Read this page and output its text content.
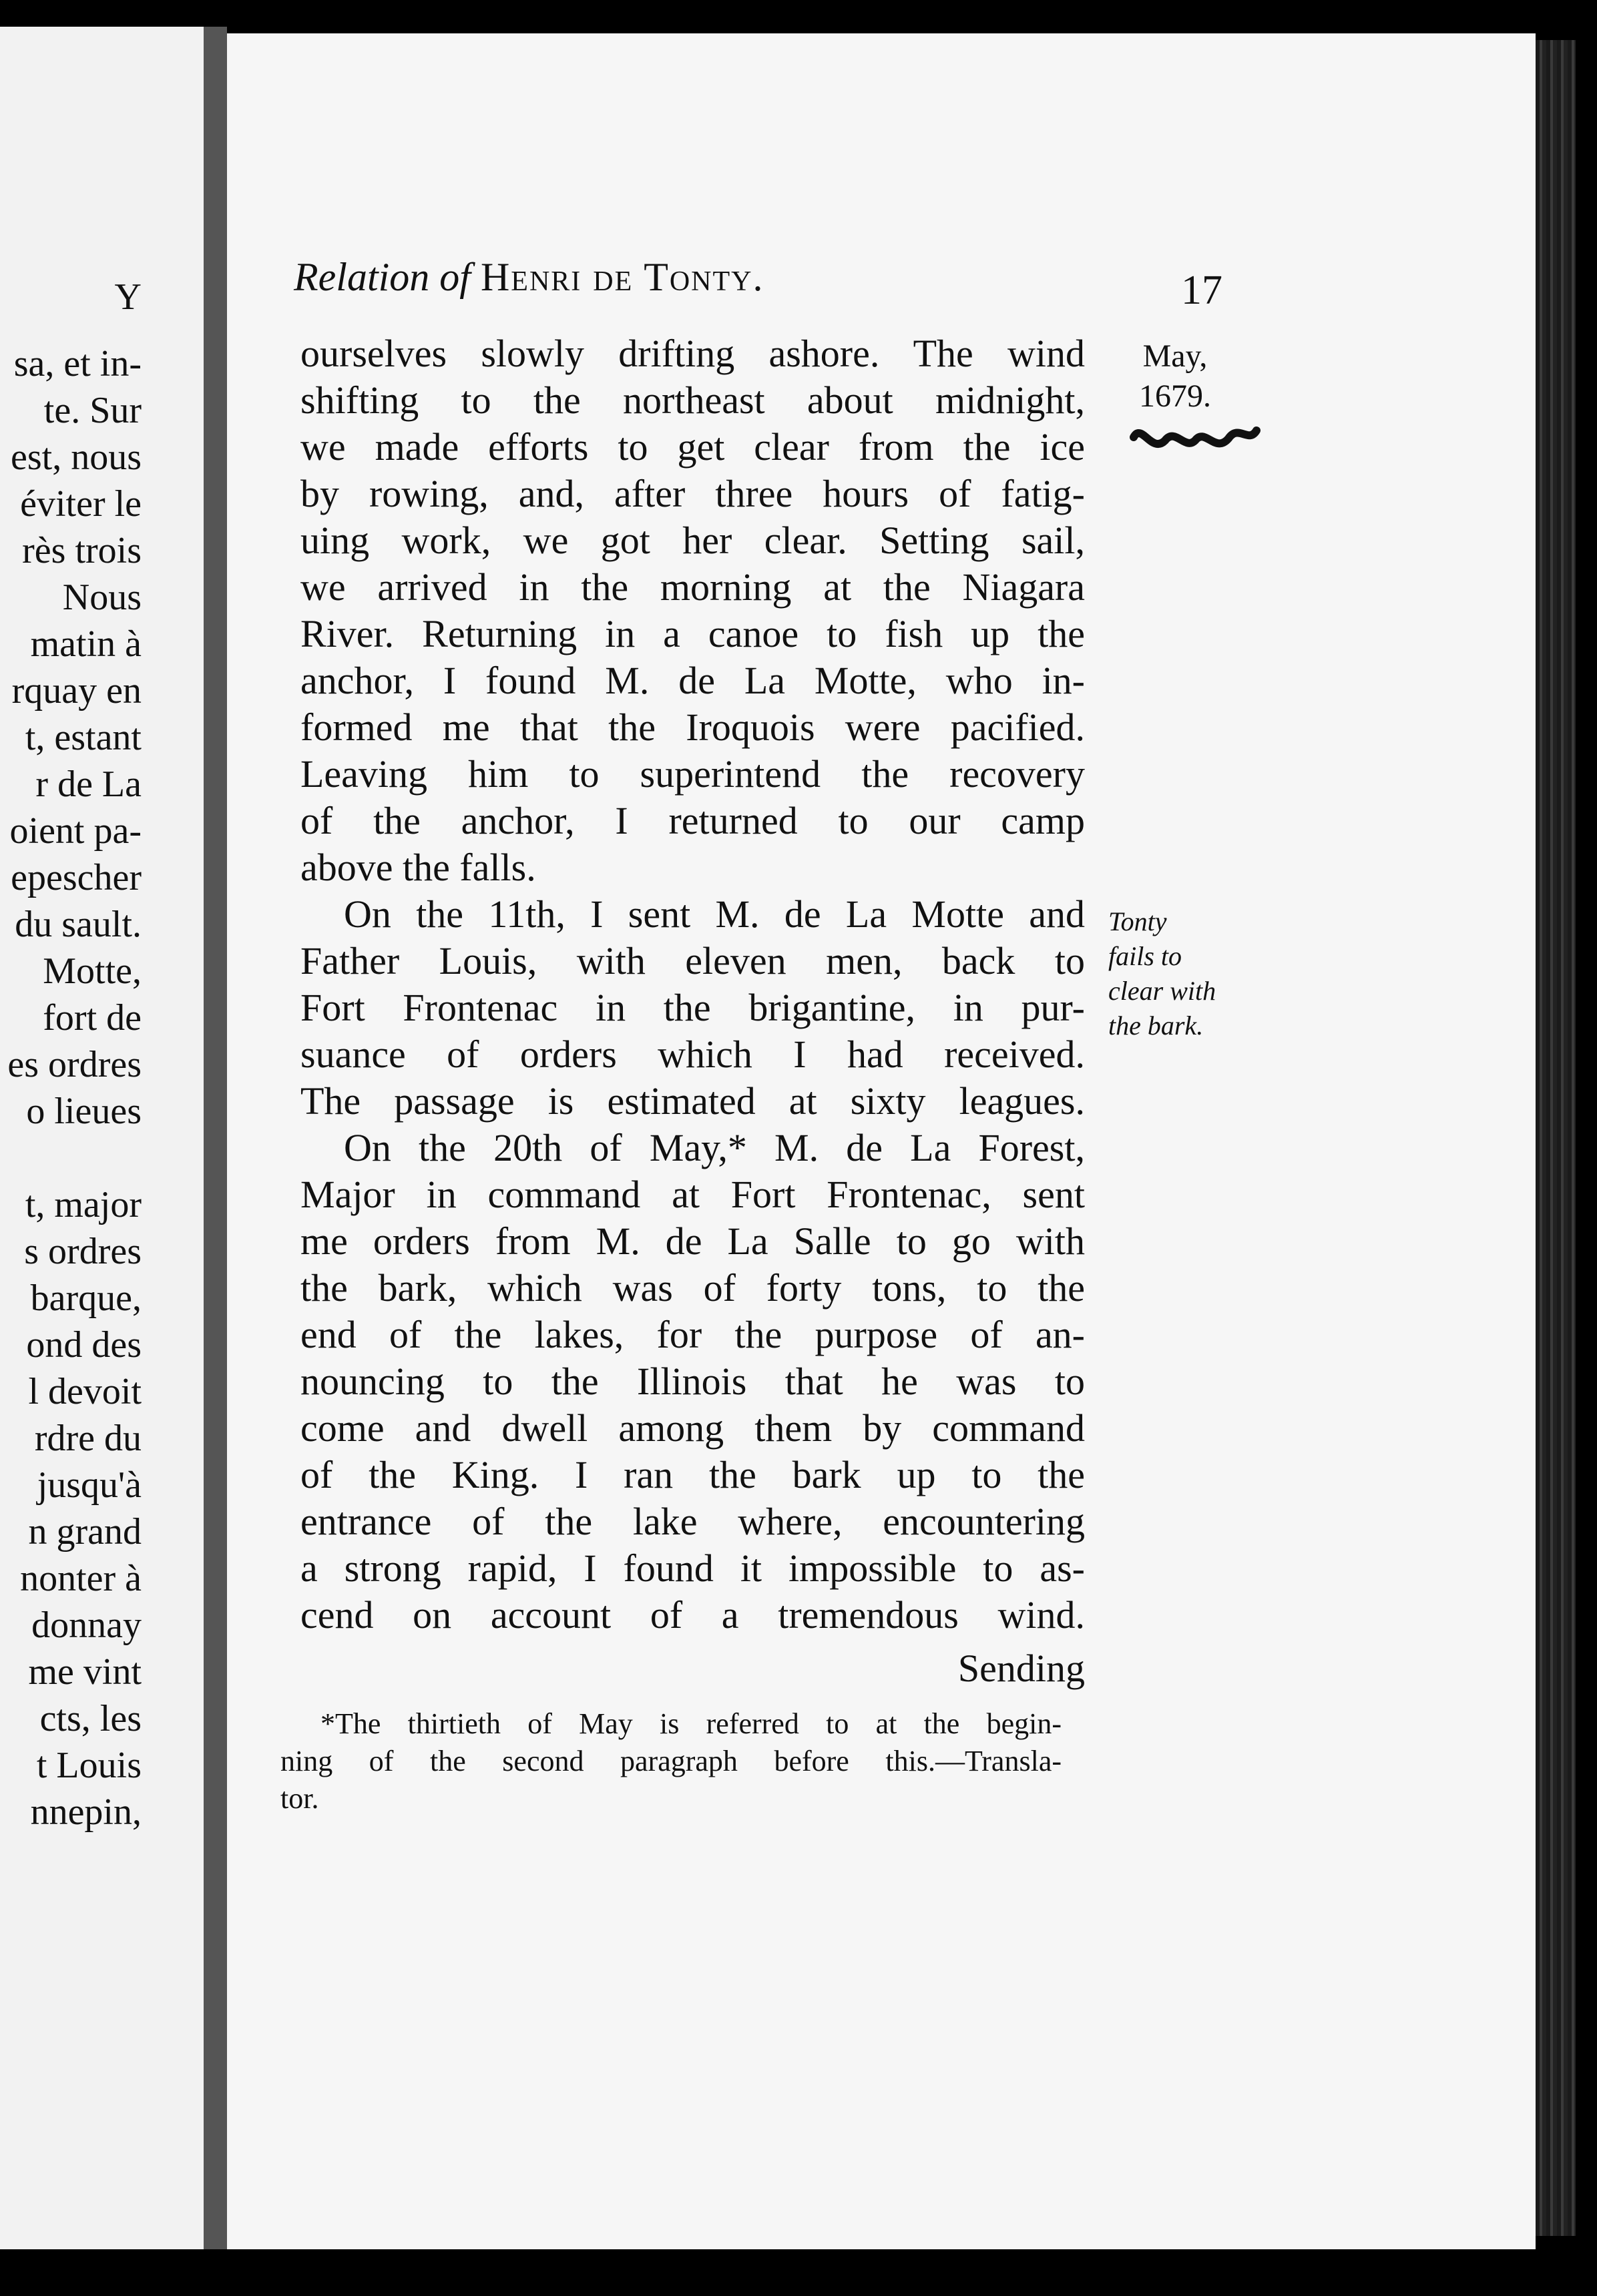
Y
sa, et in-
te. Sur
est, nous
éviter le
rès trois
Nous
matin à
rquay en
t, estant
r de La
oient pa-
epescher
du sault.
Motte,
fort de
es ordres
o lieues
t, major
s ordres
barque,
ond des
l devoit
rdre du
jusqu'à
n grand
nonter à
donnay
me vint
cts, les
t Louis
nnepin,
Relation of Henri de Tonty.	17
May,
1679.
Tonty
fails to
clear with
the bark.
ourselves slowly drifting ashore. The wind
shifting to the northeast about midnight,
we made efforts to get clear from the ice
by rowing, and, after three hours of fatig-
uing work, we got her clear. Setting sail,
we arrived in the morning at the Niagara
River. Returning in a canoe to fish up the
anchor, I found M. de La Motte, who in-
formed me that the Iroquois were pacified.
Leaving him to superintend the recovery
of the anchor, I returned to our camp
above the falls.
On the 11th, I sent M. de La Motte and
Father Louis, with eleven men, back to
Fort Frontenac in the brigantine, in pur-
suance of orders which I had received.
The passage is estimated at sixty leagues.
On the 20th of May,* M. de La Forest,
Major in command at Fort Frontenac, sent
me orders from M. de La Salle to go with
the bark, which was of forty tons, to the
end of the lakes, for the purpose of an-
nouncing to the Illinois that he was to
come and dwell among them by command
of the King. I ran the bark up to the
entrance of the lake where, encountering
a strong rapid, I found it impossible to as-
cend on account of a tremendous wind.
Sending
*The thirtieth of May is referred to at the begin-
ning of the second paragraph before this.—Transla-
tor.
